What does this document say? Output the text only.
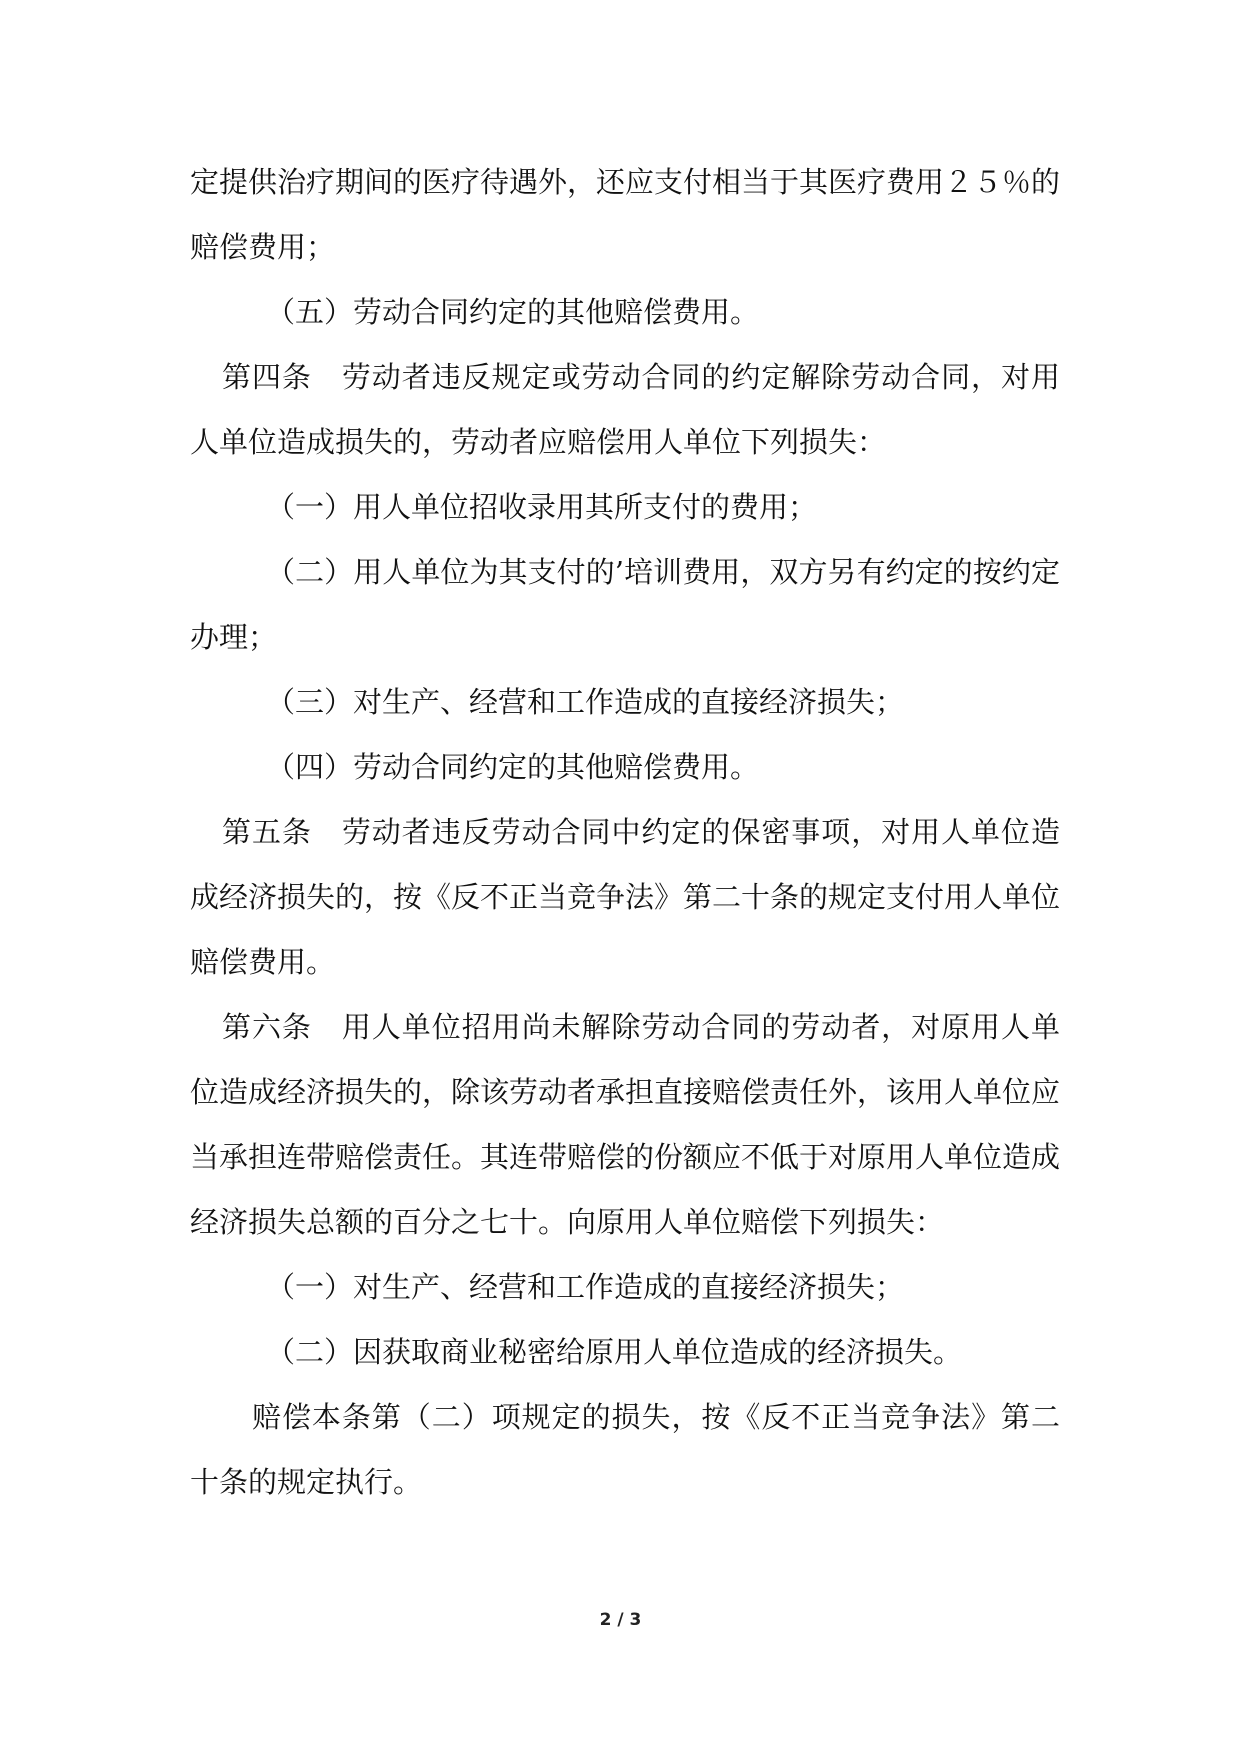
定提供治疗期间的医疗待遇外，还应支付相当于其医疗费用２５％的赔偿费用；

（五）劳动合同约定的其他赔偿费用。

第四条　劳动者违反规定或劳动合同的约定解除劳动合同，对用人单位造成损失的，劳动者应赔偿用人单位下列损失：

（一）用人单位招收录用其所支付的费用；

（二）用人单位为其支付的’培训费用，双方另有约定的按约定办理；

（三）对生产、经营和工作造成的直接经济损失；

（四）劳动合同约定的其他赔偿费用。

第五条　劳动者违反劳动合同中约定的保密事项，对用人单位造成经济损失的，按《反不正当竞争法》第二十条的规定支付用人单位赔偿费用。

第六条　用人单位招用尚未解除劳动合同的劳动者，对原用人单位造成经济损失的，除该劳动者承担直接赔偿责任外，该用人单位应当承担连带赔偿责任。其连带赔偿的份额应不低于对原用人单位造成经济损失总额的百分之七十。向原用人单位赔偿下列损失：

（一）对生产、经营和工作造成的直接经济损失；

（二）因获取商业秘密给原用人单位造成的经济损失。

赔偿本条第（二）项规定的损失，按《反不正当竞争法》第二十条的规定执行。

2 / 3
